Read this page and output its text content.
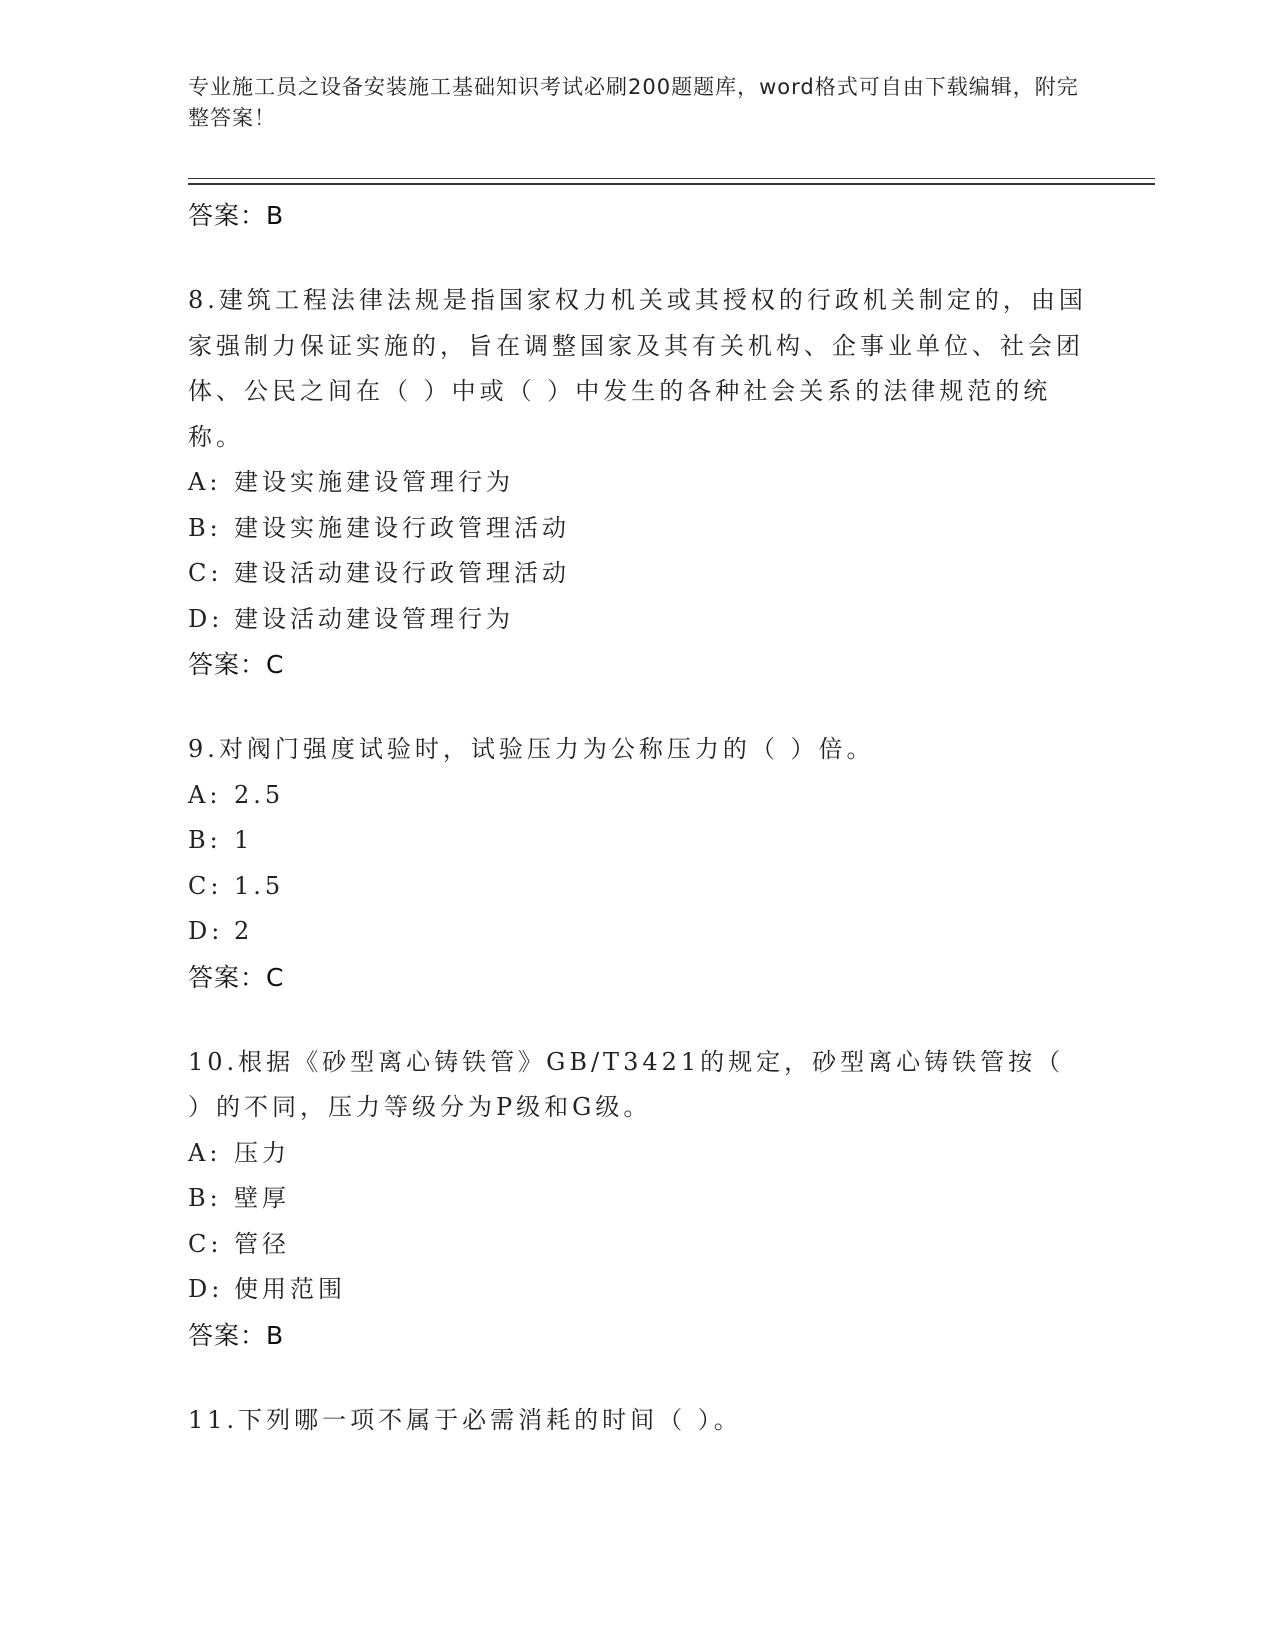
专业施工员之设备安装施工基础知识考试必刷200题题库，word格式可自由下载编辑，附完整答案！
答案：B
8.建筑工程法律法规是指国家权力机关或其授权的行政机关制定的，由国家强制力保证实施的，旨在调整国家及其有关机构、企事业单位、社会团体、公民之间在（ ）中或（ ）中发生的各种社会关系的法律规范的统称。
A: 建设实施建设管理行为
B: 建设实施建设行政管理活动
C: 建设活动建设行政管理活动
D: 建设活动建设管理行为
答案：C
9.对阀门强度试验时，试验压力为公称压力的（ ）倍。
A: 2.5
B: 1
C: 1.5
D: 2
答案：C
10.根据《砂型离心铸铁管》GB/T3421的规定，砂型离心铸铁管按（ ）的不同，压力等级分为P级和G级。
A: 压力
B: 壁厚
C: 管径
D: 使用范围
答案：B
11.下列哪一项不属于必需消耗的时间（ ）。
